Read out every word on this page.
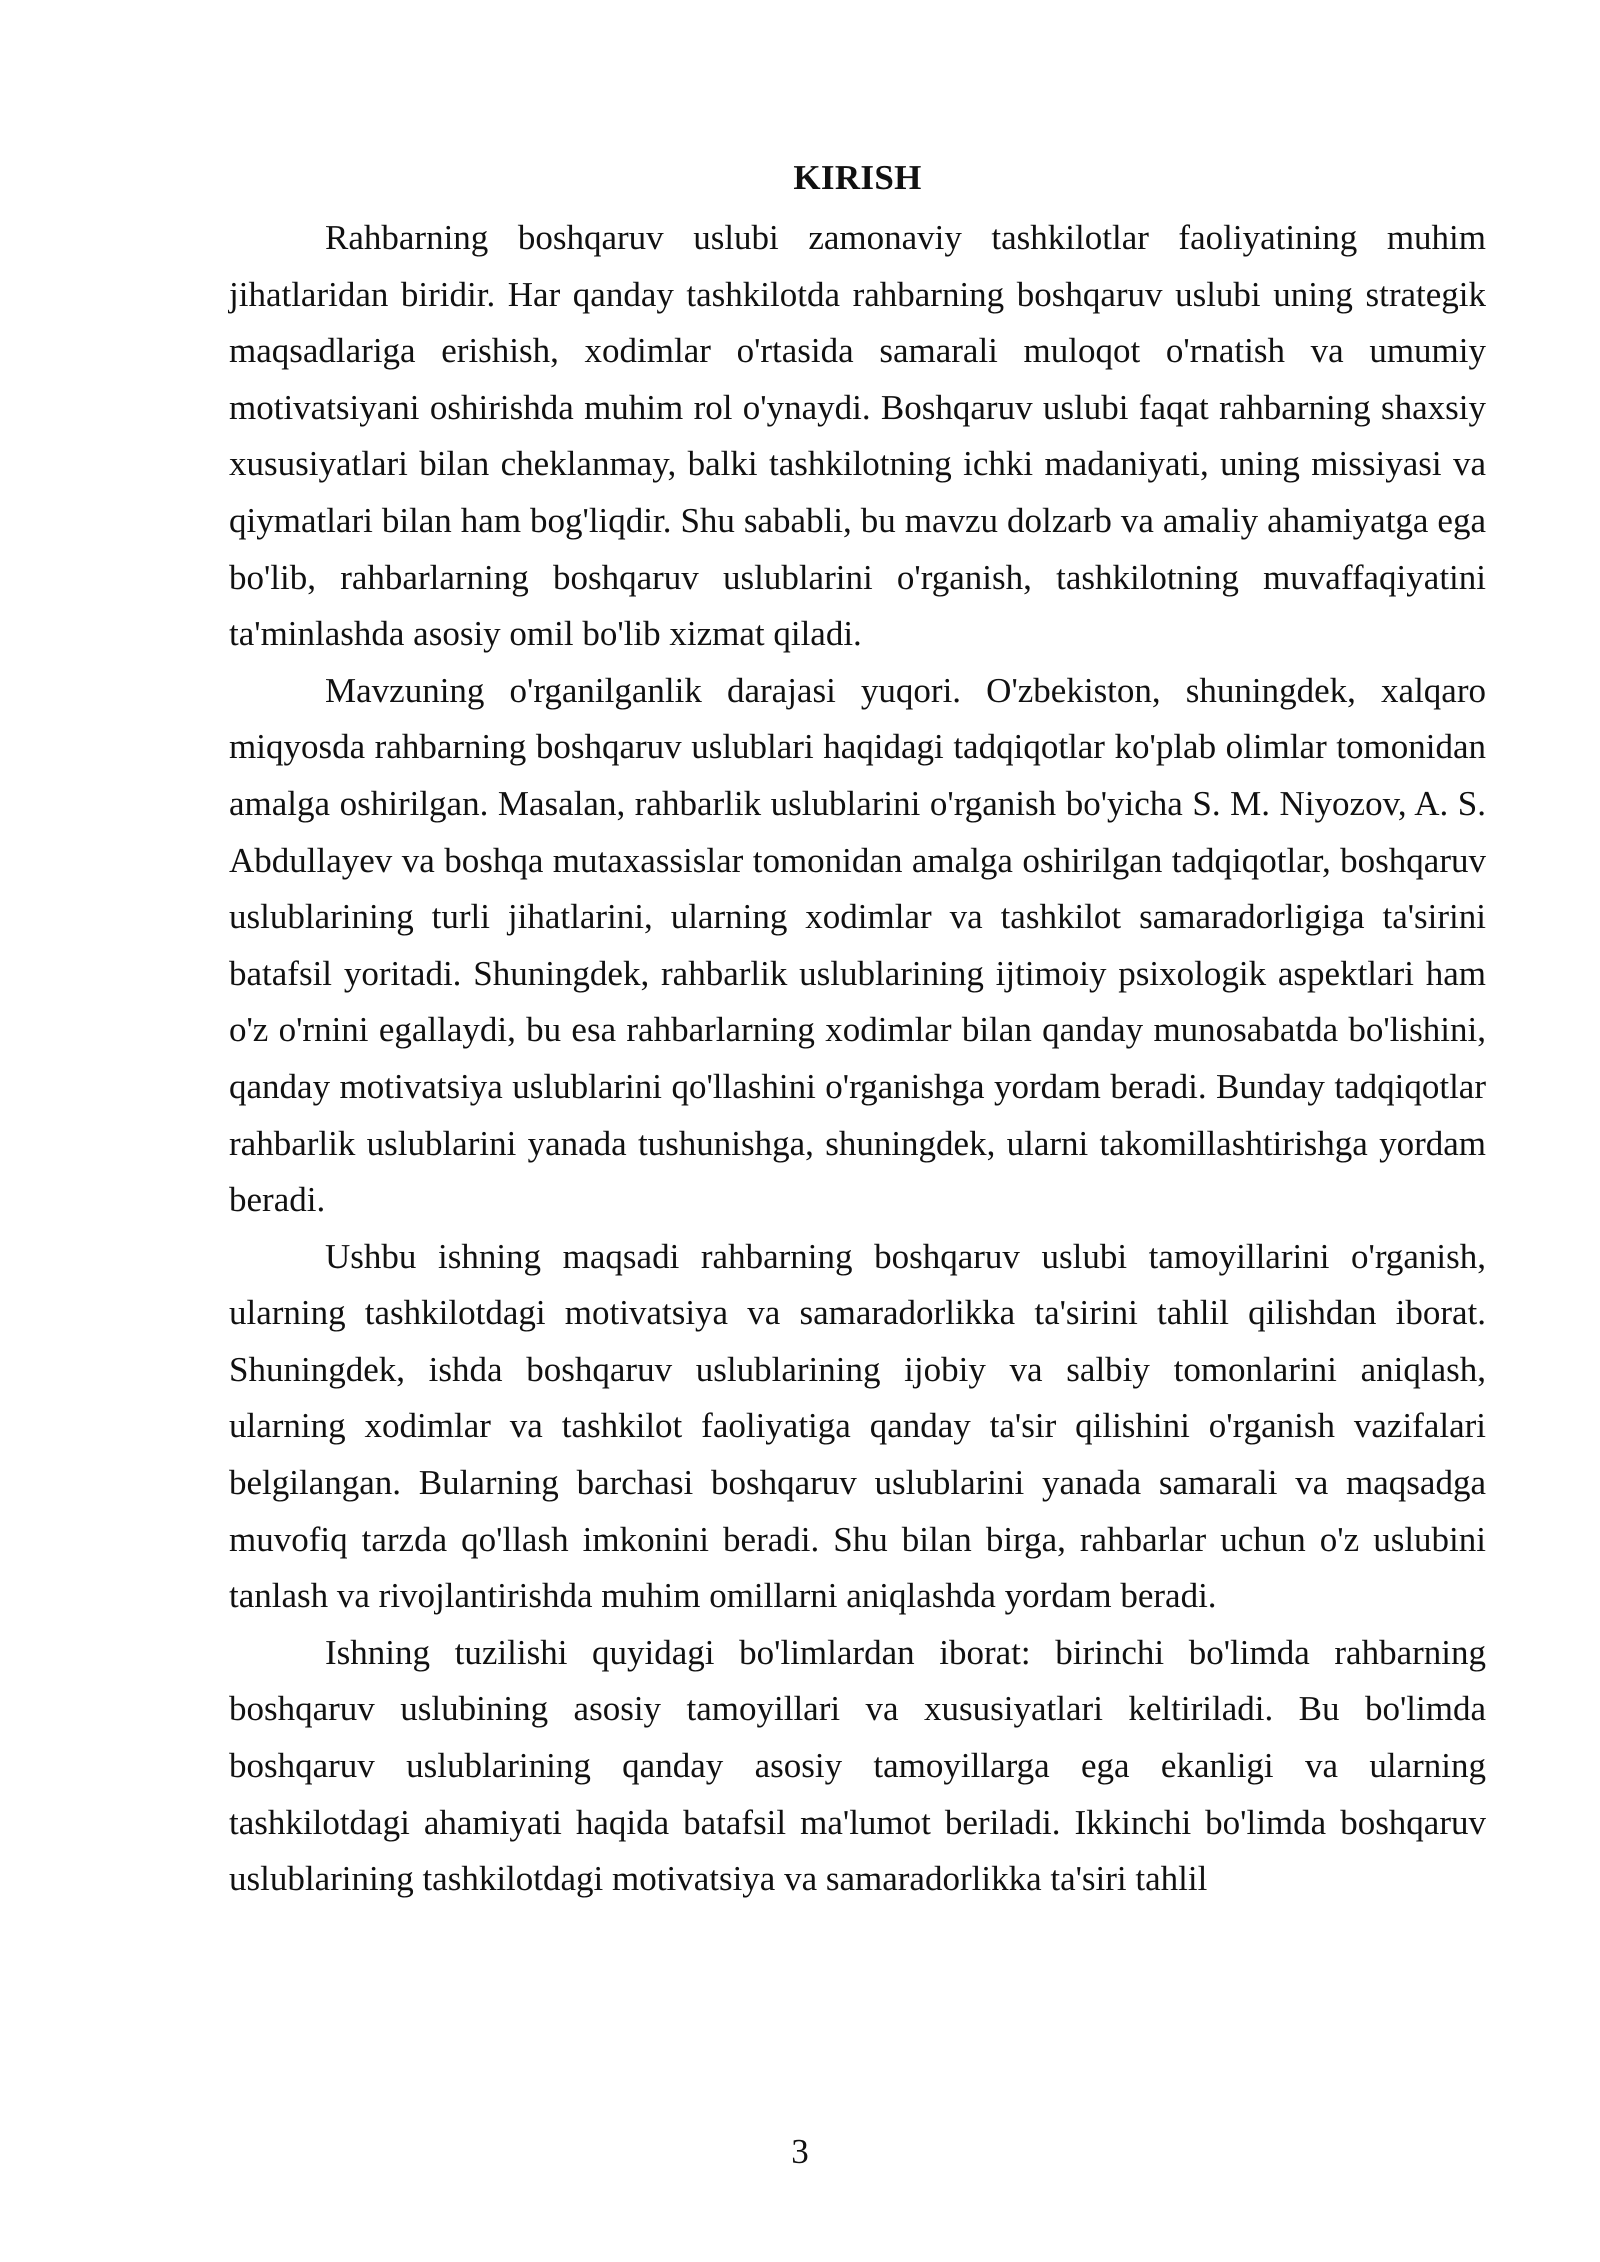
KIRISH

Rahbarning boshqaruv uslubi zamonaviy tashkilotlar faoliyatining muhim jihatlaridan biridir. Har qanday tashkilotda rahbarning boshqaruv uslubi uning strategik maqsadlariga erishish, xodimlar o'rtasida samarali muloqot o'rnatish va umumiy motivatsiyani oshirishda muhim rol o'ynaydi. Boshqaruv uslubi faqat rahbarning shaxsiy xususiyatlari bilan cheklanmay, balki tashkilotning ichki madaniyati, uning missiyasi va qiymatlari bilan ham bog'liqdir. Shu sababli, bu mavzu dolzarb va amaliy ahamiyatga ega bo'lib, rahbarlarning boshqaruv uslublarini o'rganish, tashkilotning muvaffaqiyatini ta'minlashda asosiy omil bo'lib xizmat qiladi.

Mavzuning o'rganilganlik darajasi yuqori. O'zbekiston, shuningdek, xalqaro miqyosda rahbarning boshqaruv uslublari haqidagi tadqiqotlar ko'plab olimlar tomonidan amalga oshirilgan. Masalan, rahbarlik uslublarini o'rganish bo'yicha S. M. Niyozov, A. S. Abdullayev va boshqa mutaxassislar tomonidan amalga oshirilgan tadqiqotlar, boshqaruv uslublarining turli jihatlarini, ularning xodimlar va tashkilot samaradorligiga ta'sirini batafsil yoritadi. Shuningdek, rahbarlik uslublarining ijtimoiy psixologik aspektlari ham o'z o'rnini egallaydi, bu esa rahbarlarning xodimlar bilan qanday munosabatda bo'lishini, qanday motivatsiya uslublarini qo'llashini o'rganishga yordam beradi. Bunday tadqiqotlar rahbarlik uslublarini yanada tushunishga, shuningdek, ularni takomillashtirishga yordam beradi.

Ushbu ishning maqsadi rahbarning boshqaruv uslubi tamoyillarini o'rganish, ularning tashkilotdagi motivatsiya va samaradorlikka ta'sirini tahlil qilishdan iborat. Shuningdek, ishda boshqaruv uslublarining ijobiy va salbiy tomonlarini aniqlash, ularning xodimlar va tashkilot faoliyatiga qanday ta'sir qilishini o'rganish vazifalari belgilangan. Bularning barchasi boshqaruv uslublarini yanada samarali va maqsadga muvofiq tarzda qo'llash imkonini beradi. Shu bilan birga, rahbarlar uchun o'z uslubini tanlash va rivojlantirishda muhim omillarni aniqlashda yordam beradi.

Ishning tuzilishi quyidagi bo'limlardan iborat: birinchi bo'limda rahbarning boshqaruv uslubining asosiy tamoyillari va xususiyatlari keltiriladi. Bu bo'limda boshqaruv uslublarining qanday asosiy tamoyillarga ega ekanligi va ularning tashkilotdagi ahamiyati haqida batafsil ma'lumot beriladi. Ikkinchi bo'limda boshqaruv uslublarining tashkilotdagi motivatsiya va samaradorlikka ta'siri tahlil

3
